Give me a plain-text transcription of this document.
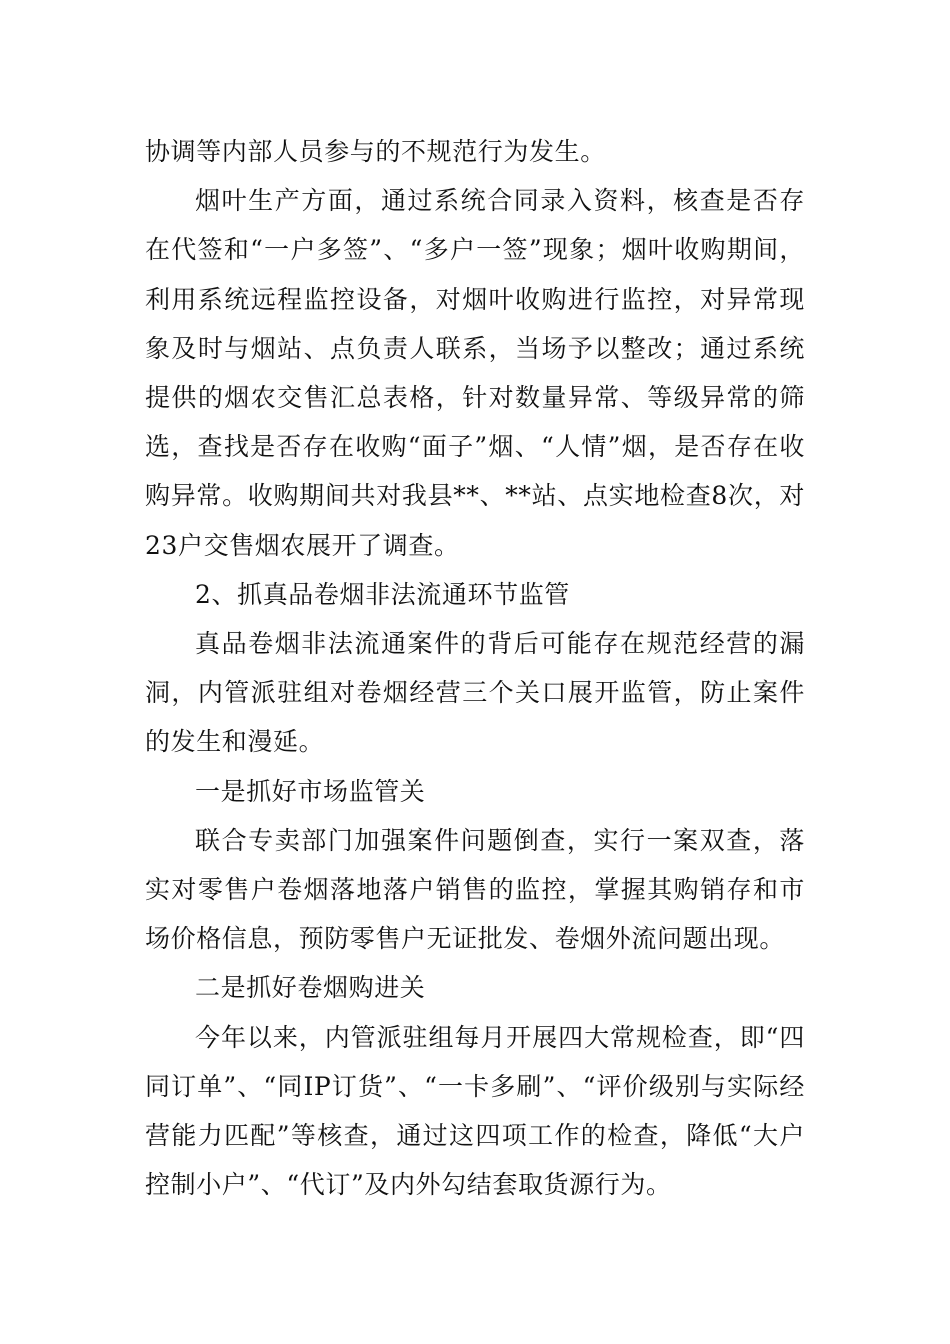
协调等内部人员参与的不规范行为发生。

烟叶生产方面，通过系统合同录入资料，核查是否存在代签和“一户多签”、“多户一签”现象；烟叶收购期间，利用系统远程监控设备，对烟叶收购进行监控，对异常现象及时与烟站、点负责人联系，当场予以整改；通过系统提供的烟农交售汇总表格，针对数量异常、等级异常的筛选，查找是否存在收购“面子”烟、“人情”烟，是否存在收购异常。收购期间共对我县**、**站、点实地检查8次，对23户交售烟农展开了调查。

2、抓真品卷烟非法流通环节监管

真品卷烟非法流通案件的背后可能存在规范经营的漏洞，内管派驻组对卷烟经营三个关口展开监管，防止案件的发生和漫延。

一是抓好市场监管关

联合专卖部门加强案件问题倒查，实行一案双查，落实对零售户卷烟落地落户销售的监控，掌握其购销存和市场价格信息，预防零售户无证批发、卷烟外流问题出现。

二是抓好卷烟购进关

今年以来，内管派驻组每月开展四大常规检查，即“四同订单”、“同IP订货”、“一卡多刷”、“评价级别与实际经营能力匹配”等核查，通过这四项工作的检查，降低“大户控制小户”、“代订”及内外勾结套取货源行为。
